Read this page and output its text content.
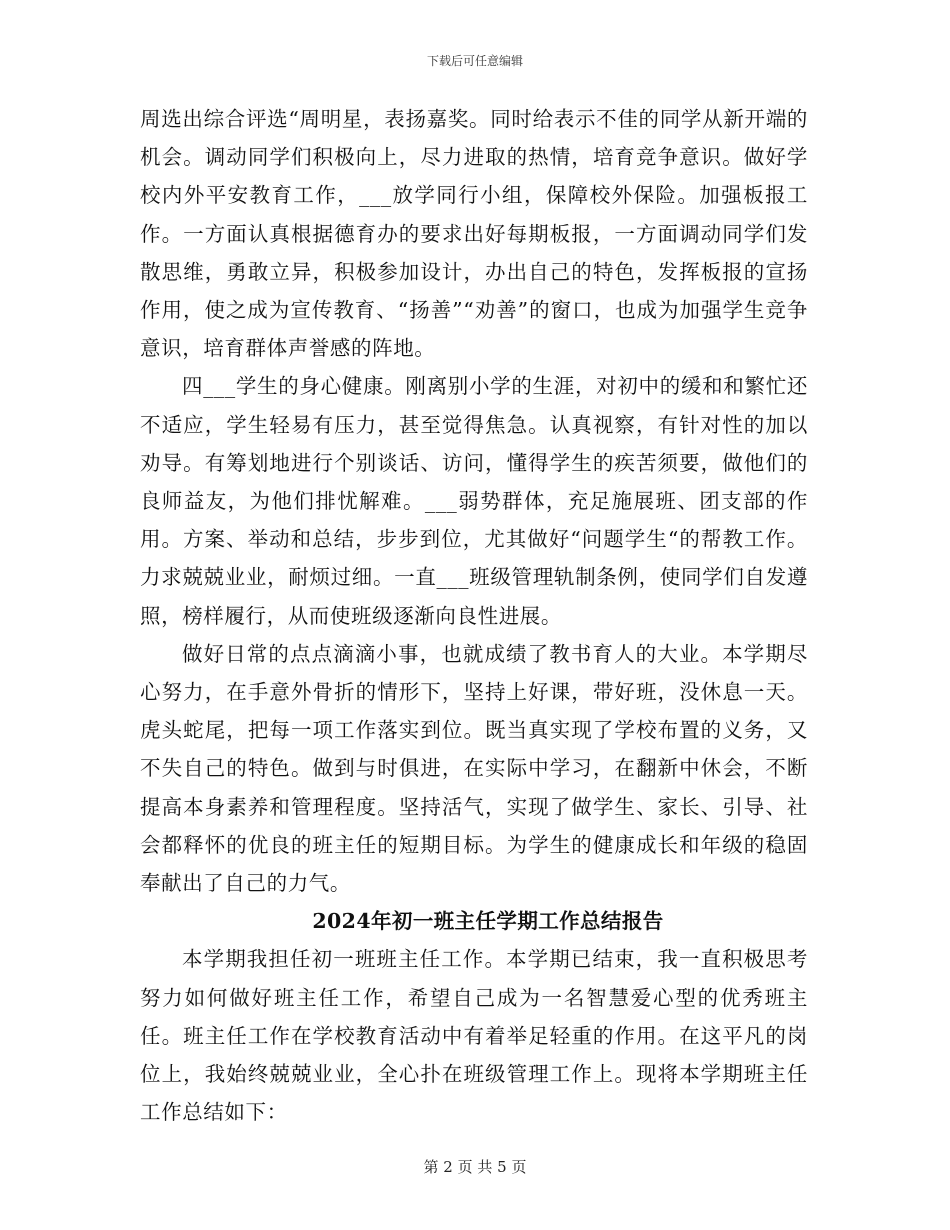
下载后可任意编辑

周选出综合评选“周明星，表扬嘉奖。同时给表示不佳的同学从新开端的机会。调动同学们积极向上，尽力进取的热情，培育竞争意识。做好学校内外平安教育工作，___放学同行小组，保障校外保险。加强板报工作。一方面认真根据德育办的要求出好每期板报，一方面调动同学们发散思维，勇敢立异，积极参加设计，办出自己的特色，发挥板报的宣扬作用，使之成为宣传教育、“扬善”“劝善”的窗口，也成为加强学生竞争意识，培育群体声誉感的阵地。

四___学生的身心健康。刚离别小学的生涯，对初中的缓和和繁忙还不适应，学生轻易有压力，甚至觉得焦急。认真视察，有针对性的加以劝导。有筹划地进行个别谈话、访问，懂得学生的疾苦须要，做他们的良师益友，为他们排忧解难。___弱势群体，充足施展班、团支部的作用。方案、举动和总结，步步到位，尤其做好“问题学生“的帮教工作。力求兢兢业业，耐烦过细。一直___班级管理轨制条例，使同学们自发遵照，榜样履行，从而使班级逐渐向良性进展。

做好日常的点点滴滴小事，也就成绩了教书育人的大业。本学期尽心努力，在手意外骨折的情形下，坚持上好课，带好班，没休息一天。虎头蛇尾，把每一项工作落实到位。既当真实现了学校布置的义务，又不失自己的特色。做到与时俱进，在实际中学习，在翻新中休会，不断提高本身素养和管理程度。坚持活气，实现了做学生、家长、引导、社会都释怀的优良的班主任的短期目标。为学生的健康成长和年级的稳固奉献出了自己的力气。

2024年初一班主任学期工作总结报告

本学期我担任初一班班主任工作。本学期已结束，我一直积极思考努力如何做好班主任工作，希望自己成为一名智慧爱心型的优秀班主任。班主任工作在学校教育活动中有着举足轻重的作用。在这平凡的岗位上，我始终兢兢业业，全心扑在班级管理工作上。现将本学期班主任工作总结如下：

第 2 页 共 5 页
